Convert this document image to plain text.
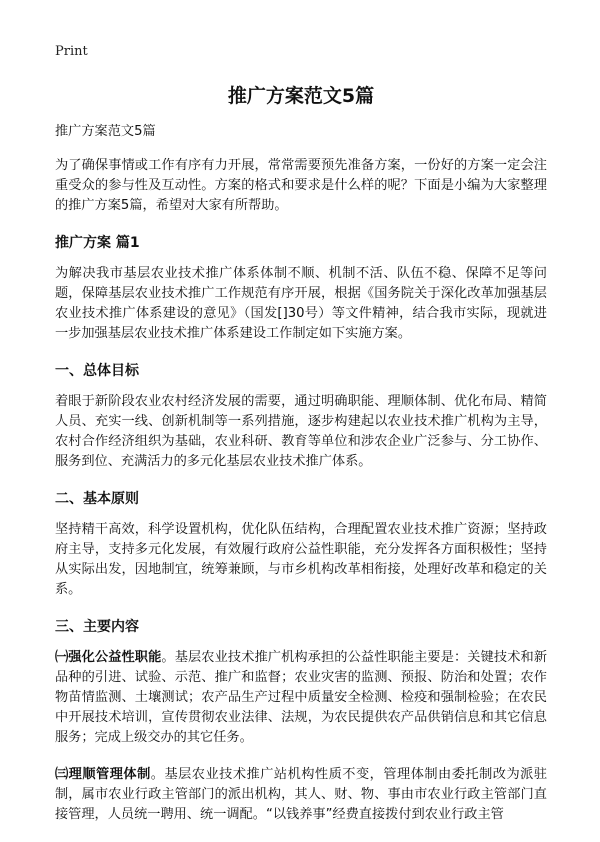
Print
推广方案范文5篇

推广方案范文5篇

为了确保事情或工作有序有力开展，常常需要预先准备方案，一份好的方案一定会注重受众的参与性及互动性。方案的格式和要求是什么样的呢？下面是小编为大家整理的推广方案5篇，希望对大家有所帮助。

推广方案 篇1

为解决我市基层农业技术推广体系体制不顺、机制不活、队伍不稳、保障不足等问题，保障基层农业技术推广工作规范有序开展，根据《国务院关于深化改革加强基层农业技术推广体系建设的意见》（国发[]30号）等文件精神，结合我市实际，现就进一步加强基层农业技术推广体系建设工作制定如下实施方案。

一、总体目标

着眼于新阶段农业农村经济发展的需要，通过明确职能、理顺体制、优化布局、精简人员、充实一线、创新机制等一系列措施，逐步构建起以农业技术推广机构为主导，农村合作经济组织为基础，农业科研、教育等单位和涉农企业广泛参与、分工协作、服务到位、充满活力的多元化基层农业技术推广体系。

二、基本原则

坚持精干高效，科学设置机构，优化队伍结构，合理配置农业技术推广资源；坚持政府主导，支持多元化发展，有效履行政府公益性职能，充分发挥各方面积极性；坚持从实际出发，因地制宜，统筹兼顾，与市乡机构改革相衔接，处理好改革和稳定的关系。

三、主要内容

㈠强化公益性职能。基层农业技术推广机构承担的公益性职能主要是：关键技术和新品种的引进、试验、示范、推广和监督；农业灾害的监测、预报、防治和处置；农作物苗情监测、土壤测试；农产品生产过程中质量安全检测、检疫和强制检验；在农民中开展技术培训，宣传贯彻农业法律、法规，为农民提供农产品供销信息和其它信息服务；完成上级交办的其它任务。

㈢理顺管理体制。基层农业技术推广站机构性质不变，管理体制由委托制改为派驻制，属市农业行政主管部门的派出机构，其人、财、物、事由市农业行政主管部门直接管理，人员统一聘用、统一调配。“以钱养事”经费直接拨付到农业行政主管
